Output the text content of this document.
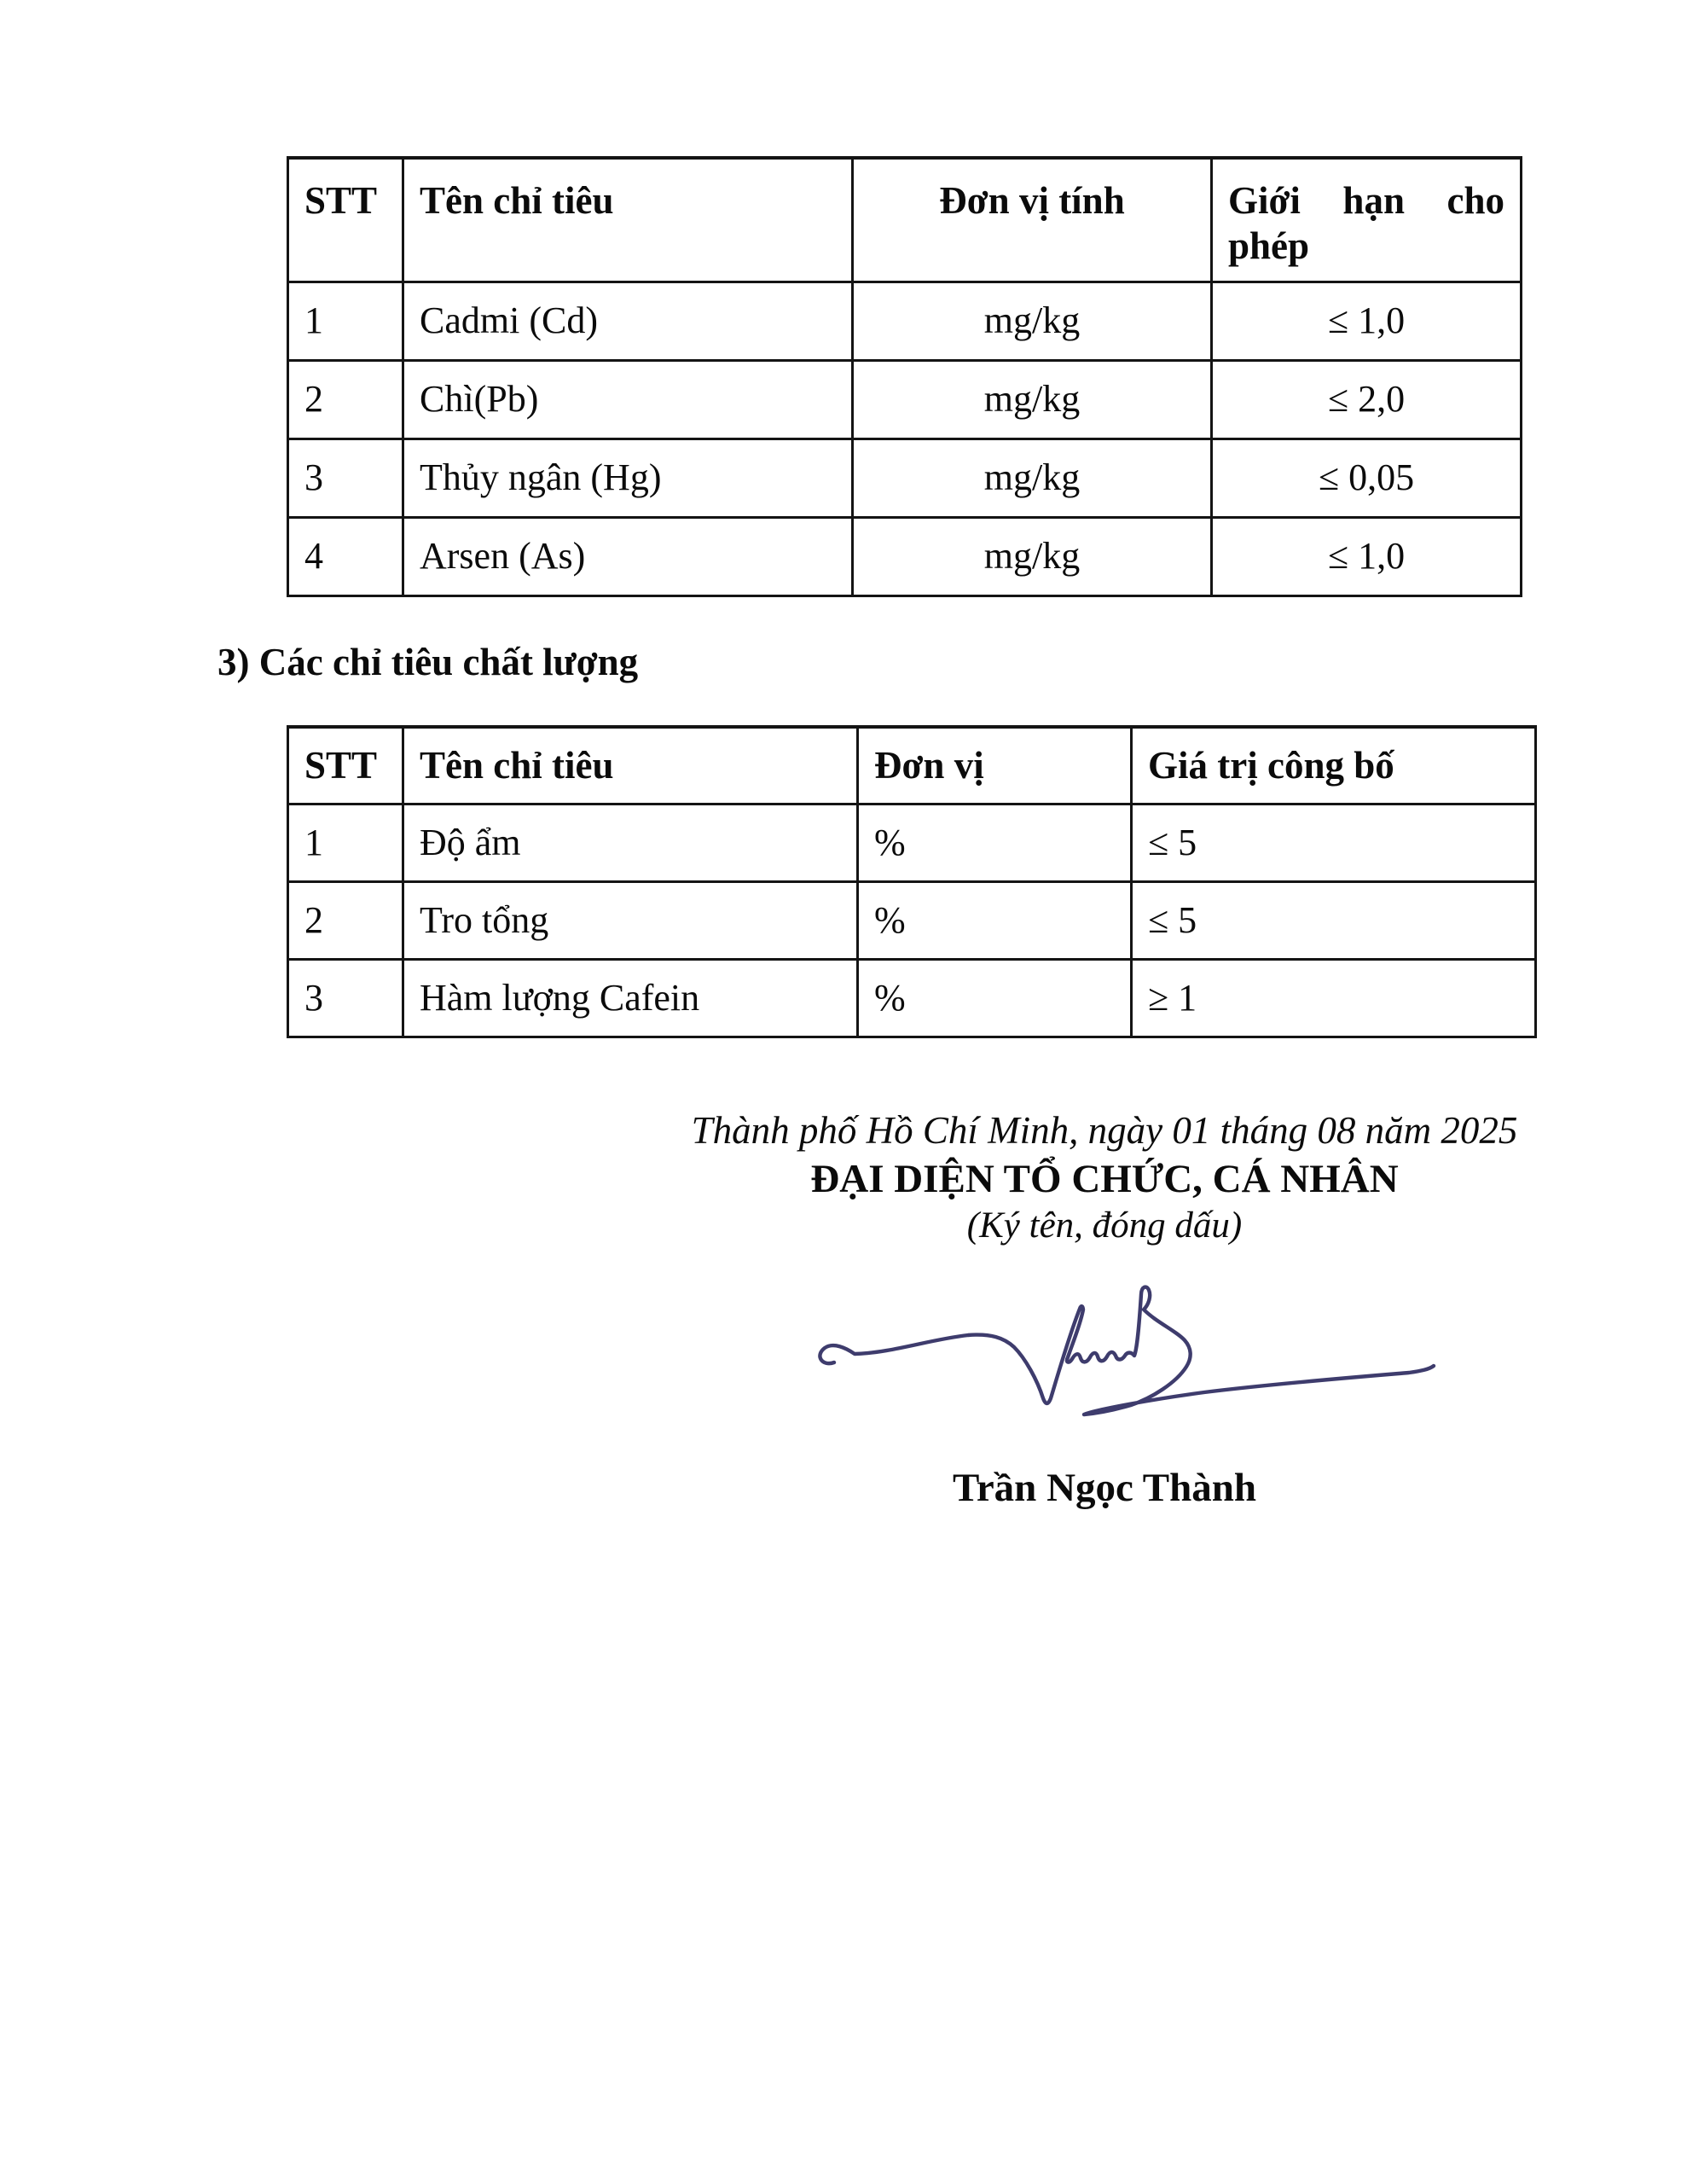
STT	Tên chỉ tiêu	Đơn vị tính	Giới hạn cho phép
1	Cadmi (Cd)	mg/kg	≤ 1,0
2	Chì(Pb)	mg/kg	≤ 2,0
3	Thủy ngân (Hg)	mg/kg	≤ 0,05
4	Arsen (As)	mg/kg	≤ 1,0
3) Các chỉ tiêu chất lượng
STT	Tên chỉ tiêu	Đơn vị	Giá trị công bố
1	Độ ẩm	%	≤ 5
2	Tro tổng	%	≤ 5
3	Hàm lượng Cafein	%	≥ 1
Thành phố Hồ Chí Minh, ngày 01 tháng 08 năm 2025
ĐẠI DIỆN TỔ CHỨC, CÁ NHÂN
(Ký tên, đóng dấu)
Trần Ngọc Thành
